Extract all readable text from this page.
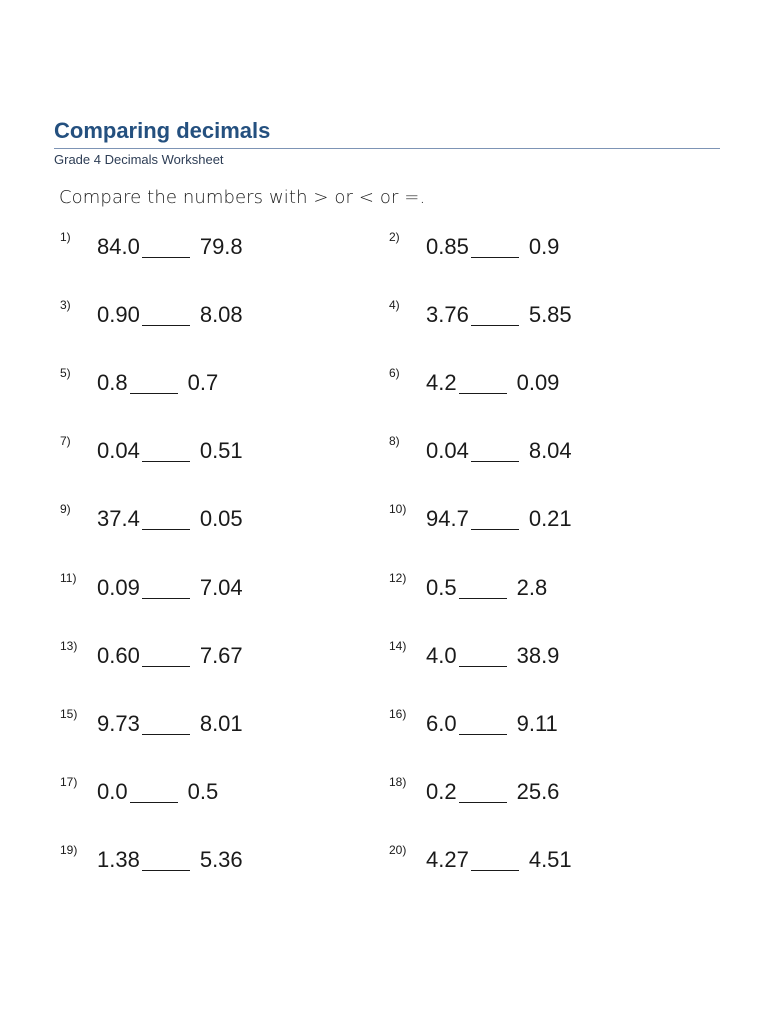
Comparing decimals
Grade 4 Decimals Worksheet
Compare the numbers with > or < or =.
1) 84.0	79.8	2) 0.85	0.9
3) 0.90	8.08	4) 3.76	5.85
5) 0.8	0.7	6) 4.2	0.09
7) 0.04	0.51	8) 0.04	8.04
9) 37.4	0.05	10) 94.7	0.21
11) 0.09	7.04	12) 0.5	2.8
13) 0.60	7.67	14) 4.0	38.9
15) 9.73	8.01	16) 6.0	9.11
17) 0.0	0.5	18) 0.2	25.6
19) 1.38	5.36	20) 4.27	4.51
